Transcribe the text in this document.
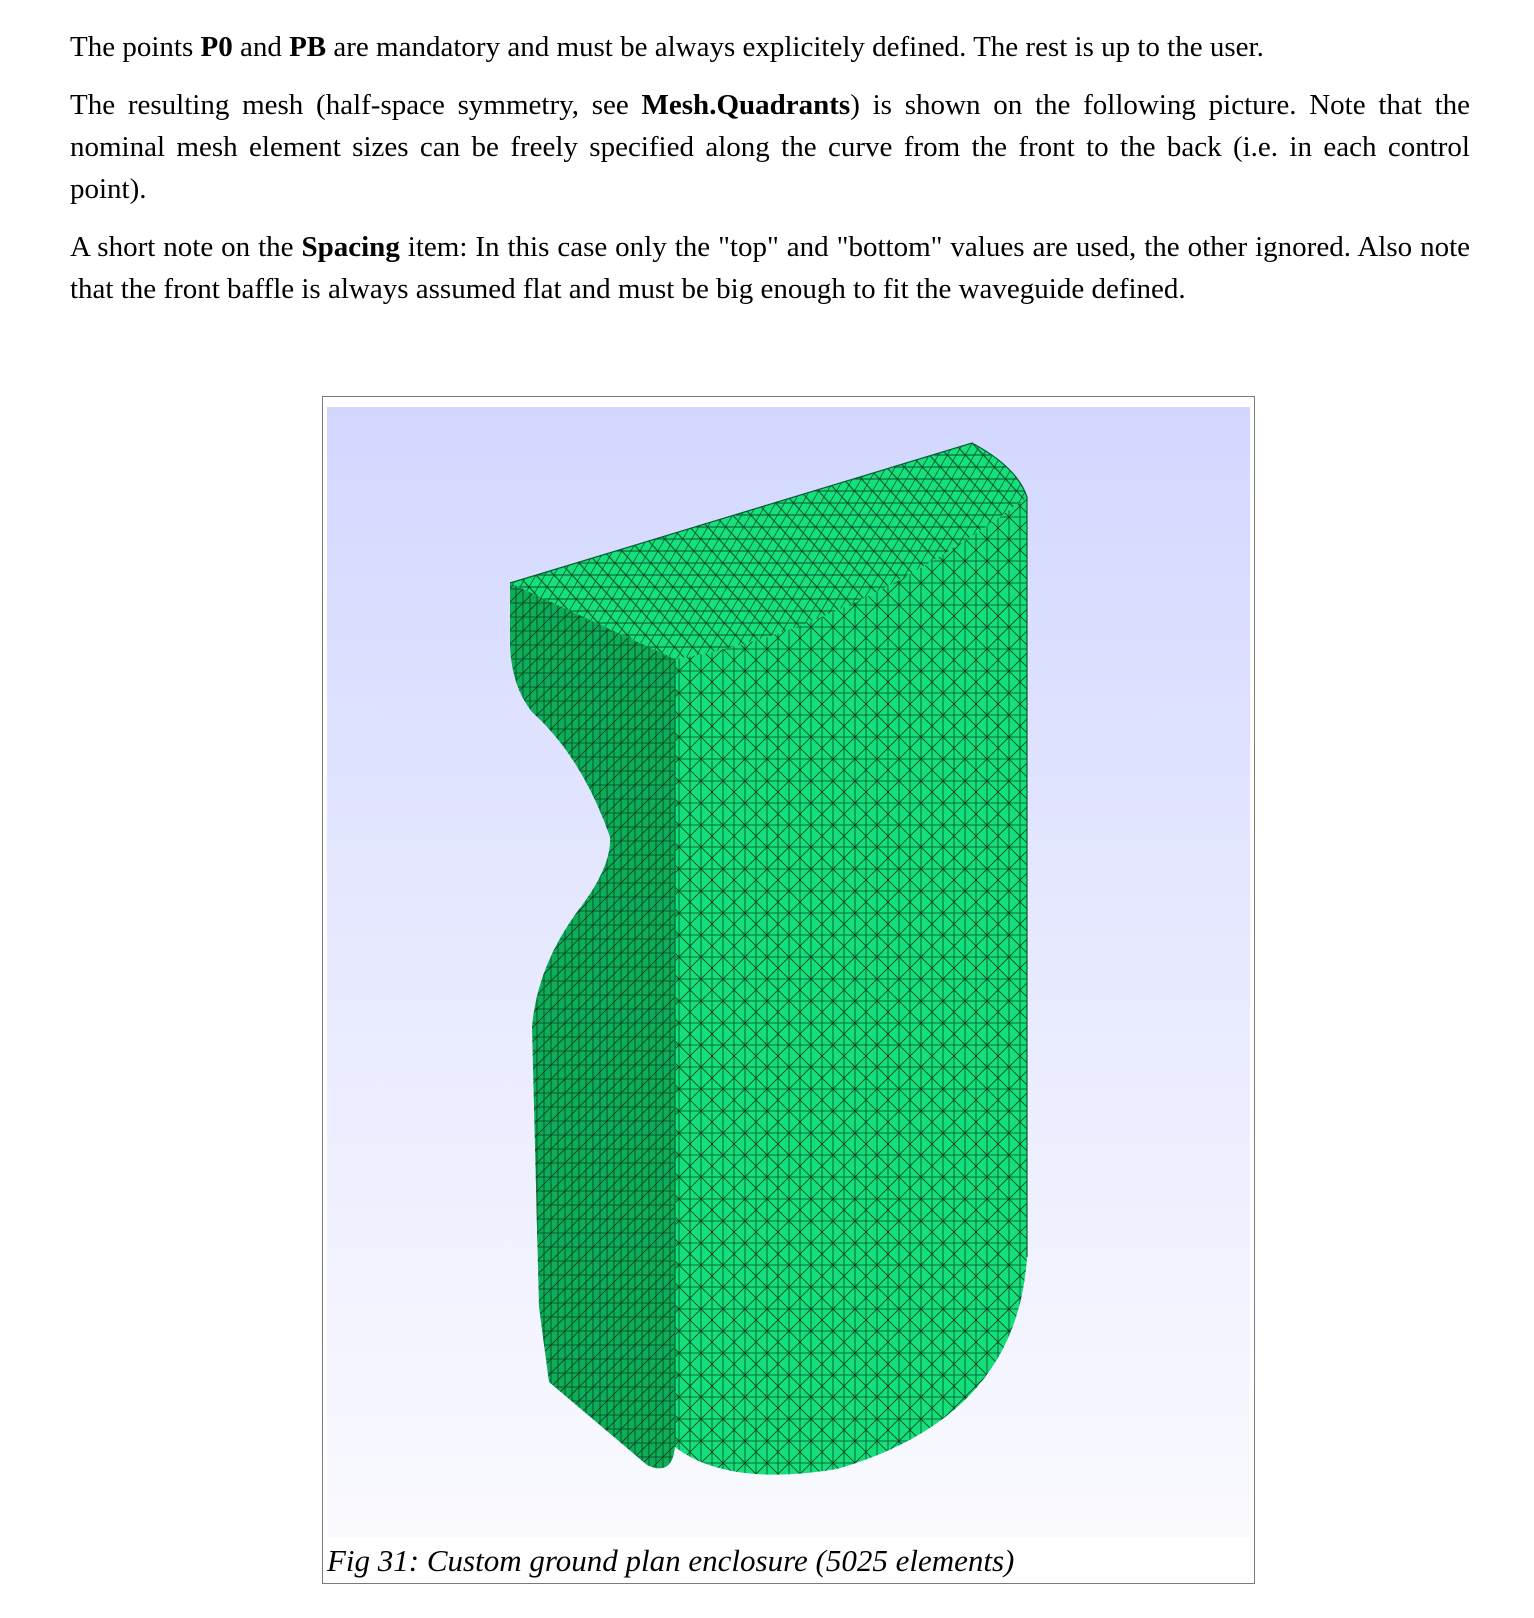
The points P0 and PB are mandatory and must be always explicitely defined. The rest is up to the user.

The resulting mesh (half-space symmetry, see Mesh.Quadrants) is shown on the following picture. Note that the nominal mesh element sizes can be freely specified along the curve from the front to the back (i.e. in each control point).

A short note on the Spacing item: In this case only the "top" and "bottom" values are used, the other ignored. Also note that the front baffle is always assumed flat and must be big enough to fit the waveguide defined.

Fig 31: Custom ground plan enclosure (5025 elements)
